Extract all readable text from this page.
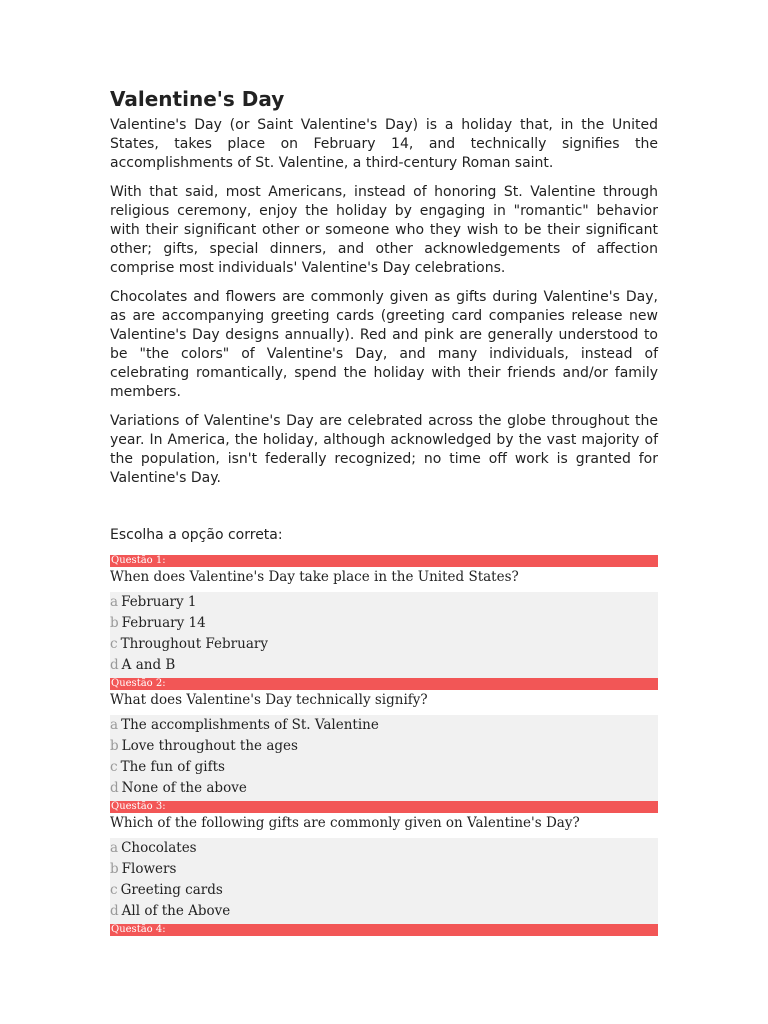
Valentine's Day

Valentine's Day (or Saint Valentine's Day) is a holiday that, in the United States, takes place on February 14, and technically signifies the accomplishments of St. Valentine, a third-century Roman saint.

With that said, most Americans, instead of honoring St. Valentine through religious ceremony, enjoy the holiday by engaging in "romantic" behavior with their significant other or someone who they wish to be their significant other; gifts, special dinners, and other acknowledgements of affection comprise most individuals' Valentine's Day celebrations.

Chocolates and flowers are commonly given as gifts during Valentine's Day, as are accompanying greeting cards (greeting card companies release new Valentine's Day designs annually). Red and pink are generally understood to be "the colors" of Valentine's Day, and many individuals, instead of celebrating romantically, spend the holiday with their friends and/or family members.

Variations of Valentine's Day are celebrated across the globe throughout the year. In America, the holiday, although acknowledged by the vast majority of the population, isn't federally recognized; no time off work is granted for Valentine's Day.

Escolha a opção correta:
Questão 1:
When does Valentine's Day take place in the United States?
a February 1
b February 14
c Throughout February
d A and B
Questão 2:
What does Valentine's Day technically signify?
a The accomplishments of St. Valentine
b Love throughout the ages
c The fun of gifts
d None of the above
Questão 3:
Which of the following gifts are commonly given on Valentine's Day?
a Chocolates
b Flowers
c Greeting cards
d All of the Above
Questão 4:
